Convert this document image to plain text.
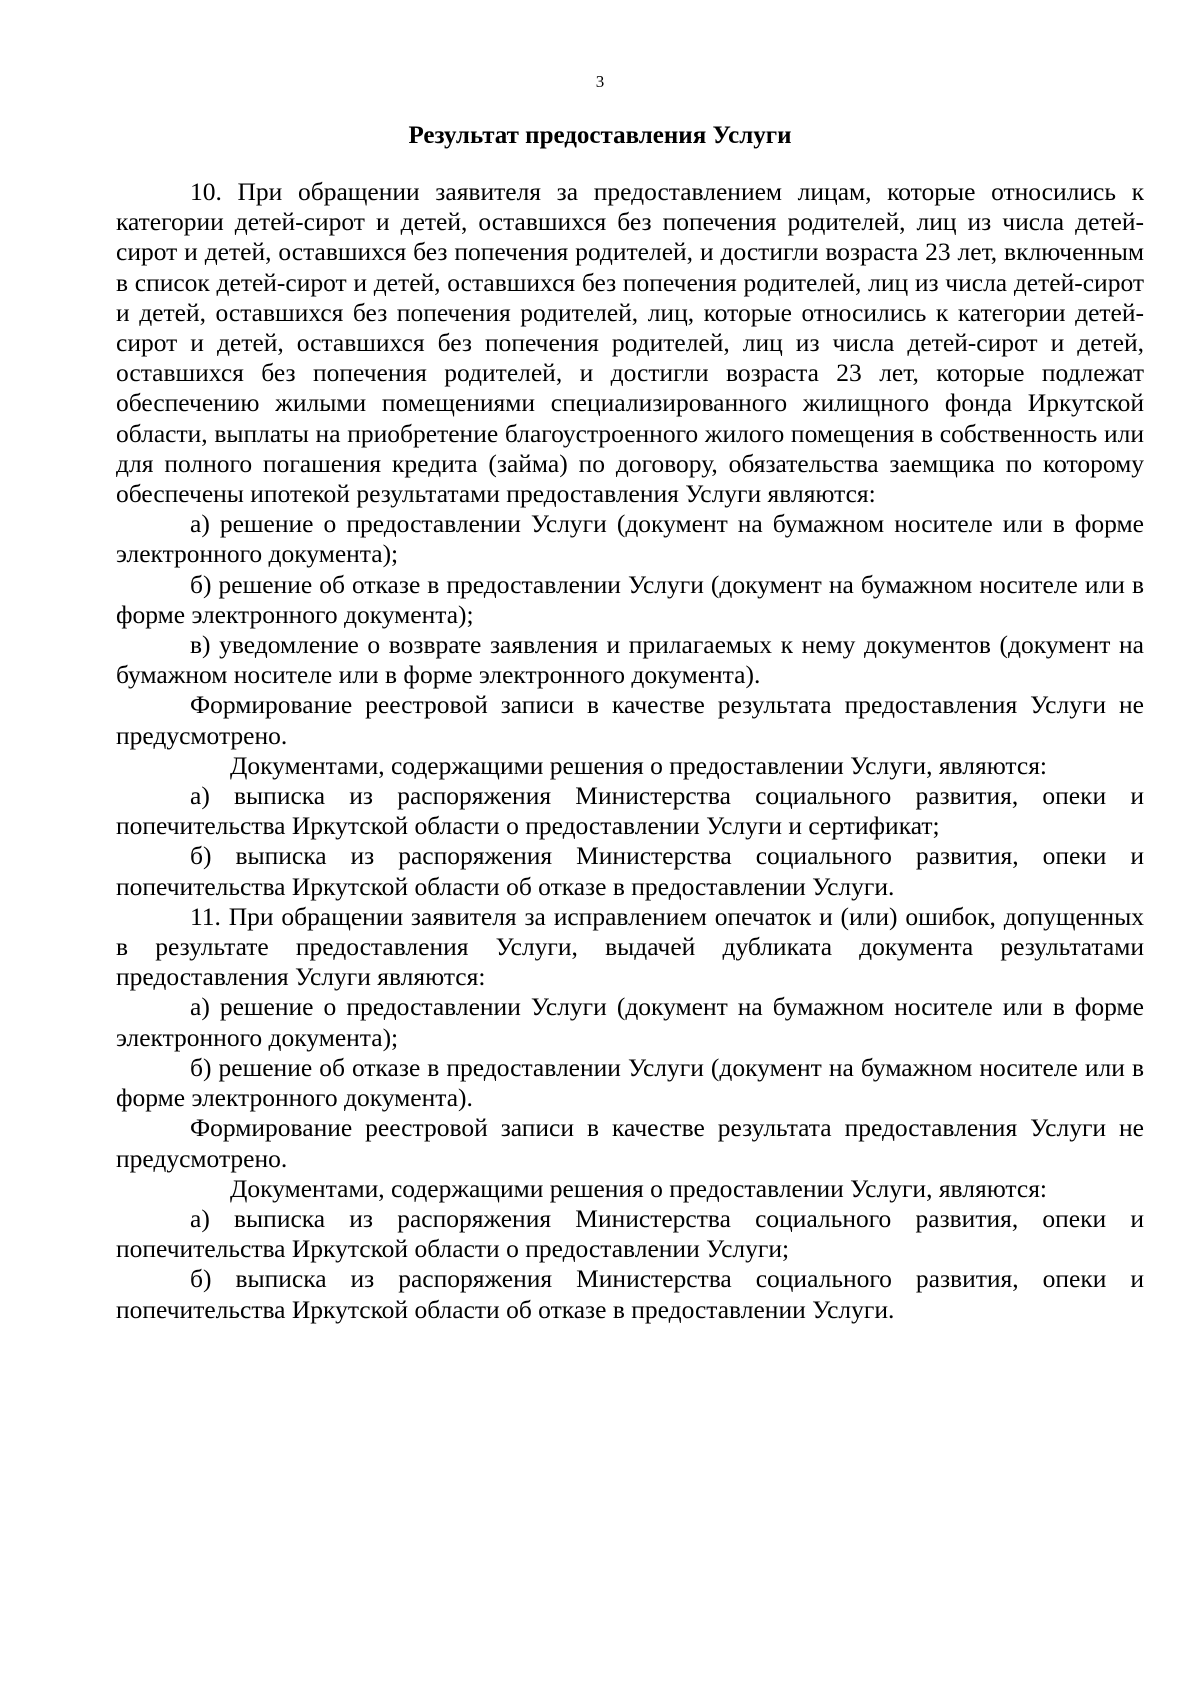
3
Результат предоставления Услуги

10. При обращении заявителя за предоставлением лицам, которые относились к категории детей-сирот и детей, оставшихся без попечения родителей, лиц из числа детей-сирот и детей, оставшихся без попечения родителей, и достигли возраста 23 лет, включенным в список детей-сирот и детей, оставшихся без попечения родителей, лиц из числа детей-сирот и детей, оставшихся без попечения родителей, лиц, которые относились к категории детей-сирот и детей, оставшихся без попечения родителей, лиц из числа детей-сирот и детей, оставшихся без попечения родителей, и достигли возраста 23 лет, которые подлежат обеспечению жилыми помещениями специализированного жилищного фонда Иркутской области, выплаты на приобретение благоустроенного жилого помещения в собственность или для полного погашения кредита (займа) по договору, обязательства заемщика по которому обеспечены ипотекой результатами предоставления Услуги являются:

а) решение о предоставлении Услуги (документ на бумажном носителе или в форме электронного документа);

б) решение об отказе в предоставлении Услуги (документ на бумажном носителе или в форме электронного документа);

в) уведомление о возврате заявления и прилагаемых к нему документов (документ на бумажном носителе или в форме электронного документа).

Формирование реестровой записи в качестве результата предоставления Услуги не предусмотрено.

Документами, содержащими решения о предоставлении Услуги, являются:

а) выписка из распоряжения Министерства социального развития, опеки и попечительства Иркутской области о предоставлении Услуги и сертификат;

б) выписка из распоряжения Министерства социального развития, опеки и попечительства Иркутской области об отказе в предоставлении Услуги.

11. При обращении заявителя за исправлением опечаток и (или) ошибок, допущенных в результате предоставления Услуги, выдачей дубликата документа результатами предоставления Услуги являются:

а) решение о предоставлении Услуги (документ на бумажном носителе или в форме электронного документа);

б) решение об отказе в предоставлении Услуги (документ на бумажном носителе или в форме электронного документа).

Формирование реестровой записи в качестве результата предоставления Услуги не предусмотрено.

Документами, содержащими решения о предоставлении Услуги, являются:

а) выписка из распоряжения Министерства социального развития, опеки и попечительства Иркутской области о предоставлении Услуги;

б) выписка из распоряжения Министерства социального развития, опеки и попечительства Иркутской области об отказе в предоставлении Услуги.
